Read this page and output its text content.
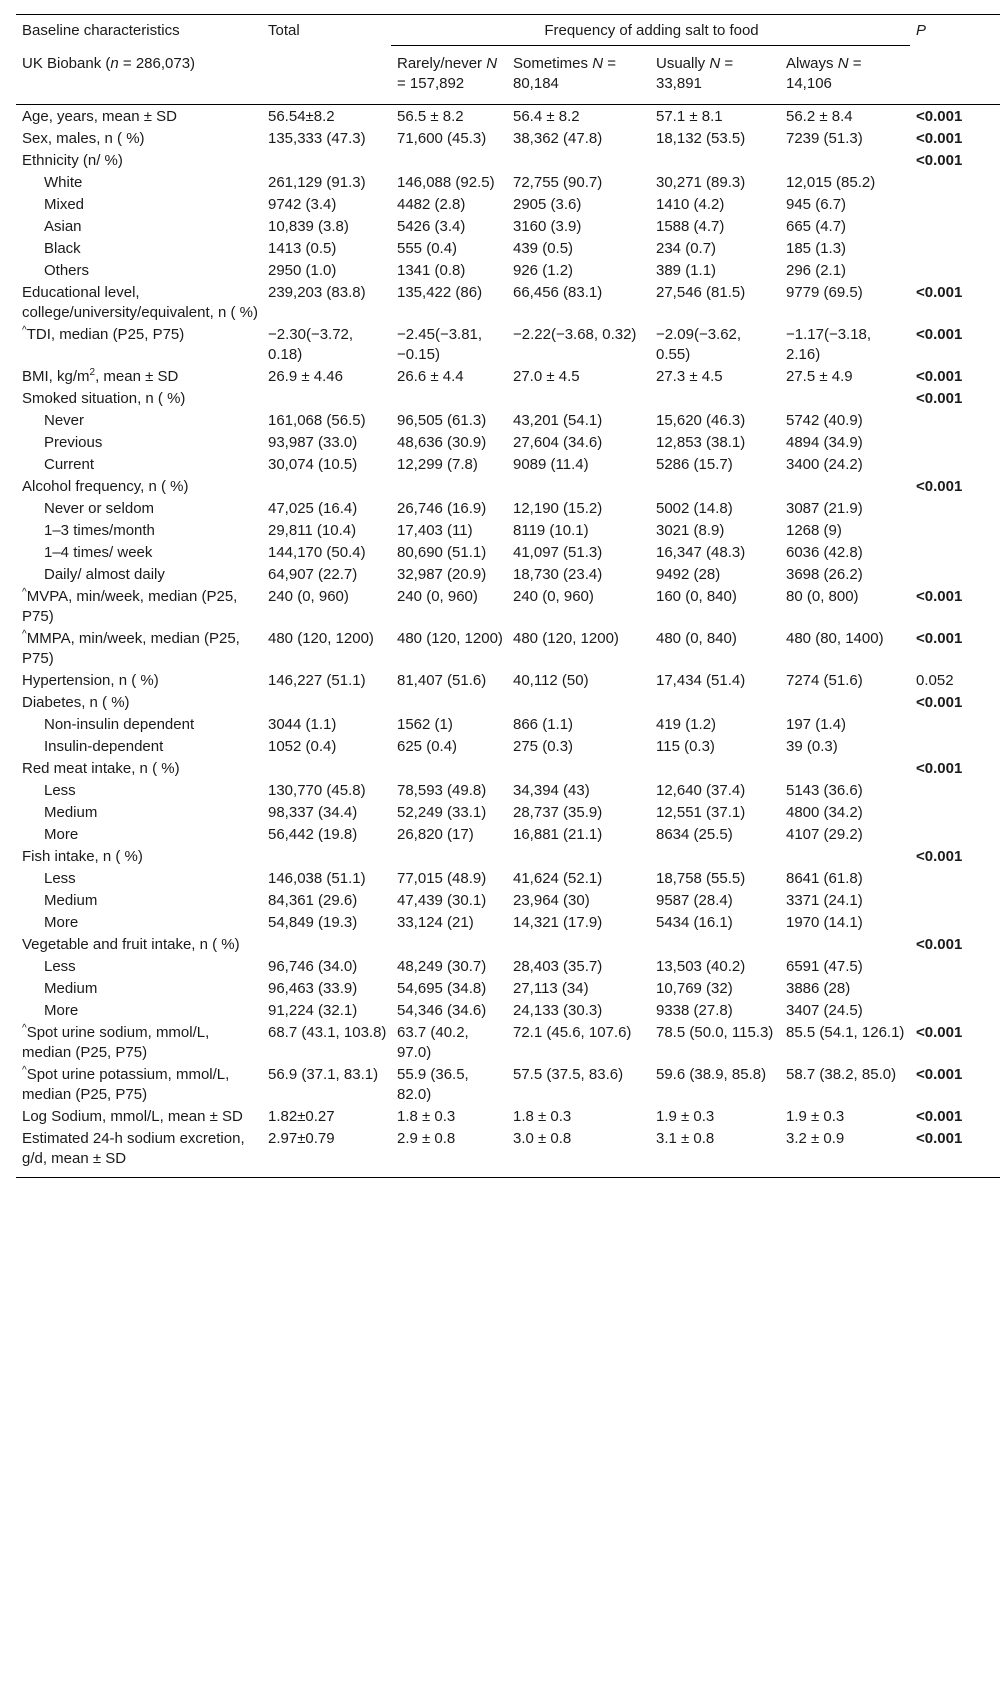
Baseline characteristics	Total	Frequency of adding salt to food				P
UK Biobank (n = 286,073)		Rarely/never N = 157,892	Sometimes N = 80,184	Usually N = 33,891	Always N = 14,106	
Age, years, mean ± SD	56.54±8.2	56.5 ± 8.2	56.4 ± 8.2	57.1 ± 8.1	56.2 ± 8.4	<0.001
Sex, males, n ( %)	135,333 (47.3)	71,600 (45.3)	38,362 (47.8)	18,132 (53.5)	7239 (51.3)	<0.001
Ethnicity (n/ %)						<0.001
White	261,129 (91.3)	146,088 (92.5)	72,755 (90.7)	30,271 (89.3)	12,015 (85.2)	
Mixed	9742 (3.4)	4482 (2.8)	2905 (3.6)	1410 (4.2)	945 (6.7)	
Asian	10,839 (3.8)	5426 (3.4)	3160 (3.9)	1588 (4.7)	665 (4.7)	
Black	1413 (0.5)	555 (0.4)	439 (0.5)	234 (0.7)	185 (1.3)	
Others	2950 (1.0)	1341 (0.8)	926 (1.2)	389 (1.1)	296 (2.1)	
Educational level, college/university/equivalent, n ( %)	239,203 (83.8)	135,422 (86)	66,456 (83.1)	27,546 (81.5)	9779 (69.5)	<0.001
^TDI, median (P25, P75)	−2.30(−3.72, 0.18)	−2.45(−3.81, −0.15)	−2.22(−3.68, 0.32)	−2.09(−3.62, 0.55)	−1.17(−3.18, 2.16)	<0.001
BMI, $kg/m^2$, mean ± SD	26.9 ± 4.46	26.6 ± 4.4	27.0 ± 4.5	27.3 ± 4.5	27.5 ± 4.9	<0.001
Smoked situation, n ( %)						<0.001
Never	161,068 (56.5)	96,505 (61.3)	43,201 (54.1)	15,620 (46.3)	5742 (40.9)	
Previous	93,987 (33.0)	48,636 (30.9)	27,604 (34.6)	12,853 (38.1)	4894 (34.9)	
Current	30,074 (10.5)	12,299 (7.8)	9089 (11.4)	5286 (15.7)	3400 (24.2)	
Alcohol frequency, n ( %)						<0.001
Never or seldom	47,025 (16.4)	26,746 (16.9)	12,190 (15.2)	5002 (14.8)	3087 (21.9)	
1–3 times/month	29,811 (10.4)	17,403 (11)	8119 (10.1)	3021 (8.9)	1268 (9)	
1–4 times/ week	144,170 (50.4)	80,690 (51.1)	41,097 (51.3)	16,347 (48.3)	6036 (42.8)	
Daily/ almost daily	64,907 (22.7)	32,987 (20.9)	18,730 (23.4)	9492 (28)	3698 (26.2)	
^MVPA, min/week, median (P25, P75)	240 (0, 960)	240 (0, 960)	240 (0, 960)	160 (0, 840)	80 (0, 800)	<0.001
^MMPA, min/week, median (P25, P75)	480 (120, 1200)	480 (120, 1200)	480 (120, 1200)	480 (0, 840)	480 (80, 1400)	<0.001
Hypertension, n ( %)	146,227 (51.1)	81,407 (51.6)	40,112 (50)	17,434 (51.4)	7274 (51.6)	0.052
Diabetes, n ( %)						<0.001
Non-insulin dependent	3044 (1.1)	1562 (1)	866 (1.1)	419 (1.2)	197 (1.4)	
Insulin-dependent	1052 (0.4)	625 (0.4)	275 (0.3)	115 (0.3)	39 (0.3)	
Red meat intake, n ( %)						<0.001
Less	130,770 (45.8)	78,593 (49.8)	34,394 (43)	12,640 (37.4)	5143 (36.6)	
Medium	98,337 (34.4)	52,249 (33.1)	28,737 (35.9)	12,551 (37.1)	4800 (34.2)	
More	56,442 (19.8)	26,820 (17)	16,881 (21.1)	8634 (25.5)	4107 (29.2)	
Fish intake, n ( %)						<0.001
Less	146,038 (51.1)	77,015 (48.9)	41,624 (52.1)	18,758 (55.5)	8641 (61.8)	
Medium	84,361 (29.6)	47,439 (30.1)	23,964 (30)	9587 (28.4)	3371 (24.1)	
More	54,849 (19.3)	33,124 (21)	14,321 (17.9)	5434 (16.1)	1970 (14.1)	
Vegetable and fruit intake, n ( %)						<0.001
Less	96,746 (34.0)	48,249 (30.7)	28,403 (35.7)	13,503 (40.2)	6591 (47.5)	
Medium	96,463 (33.9)	54,695 (34.8)	27,113 (34)	10,769 (32)	3886 (28)	
More	91,224 (32.1)	54,346 (34.6)	24,133 (30.3)	9338 (27.8)	3407 (24.5)	
^Spot urine sodium, mmol/L, median (P25, P75)	68.7 (43.1, 103.8)	63.7 (40.2, 97.0)	72.1 (45.6, 107.6)	78.5 (50.0, 115.3)	85.5 (54.1, 126.1)	<0.001
^Spot urine potassium, mmol/L, median (P25, P75)	56.9 (37.1, 83.1)	55.9 (36.5, 82.0)	57.5 (37.5, 83.6)	59.6 (38.9, 85.8)	58.7 (38.2, 85.0)	<0.001
Log Sodium, mmol/L, mean ± SD	1.82±0.27	1.8 ± 0.3	1.8 ± 0.3	1.9 ± 0.3	1.9 ± 0.3	<0.001
Estimated 24-h sodium excretion, g/d, mean ± SD	2.97±0.79	2.9 ± 0.8	3.0 ± 0.8	3.1 ± 0.8	3.2 ± 0.9	<0.001
